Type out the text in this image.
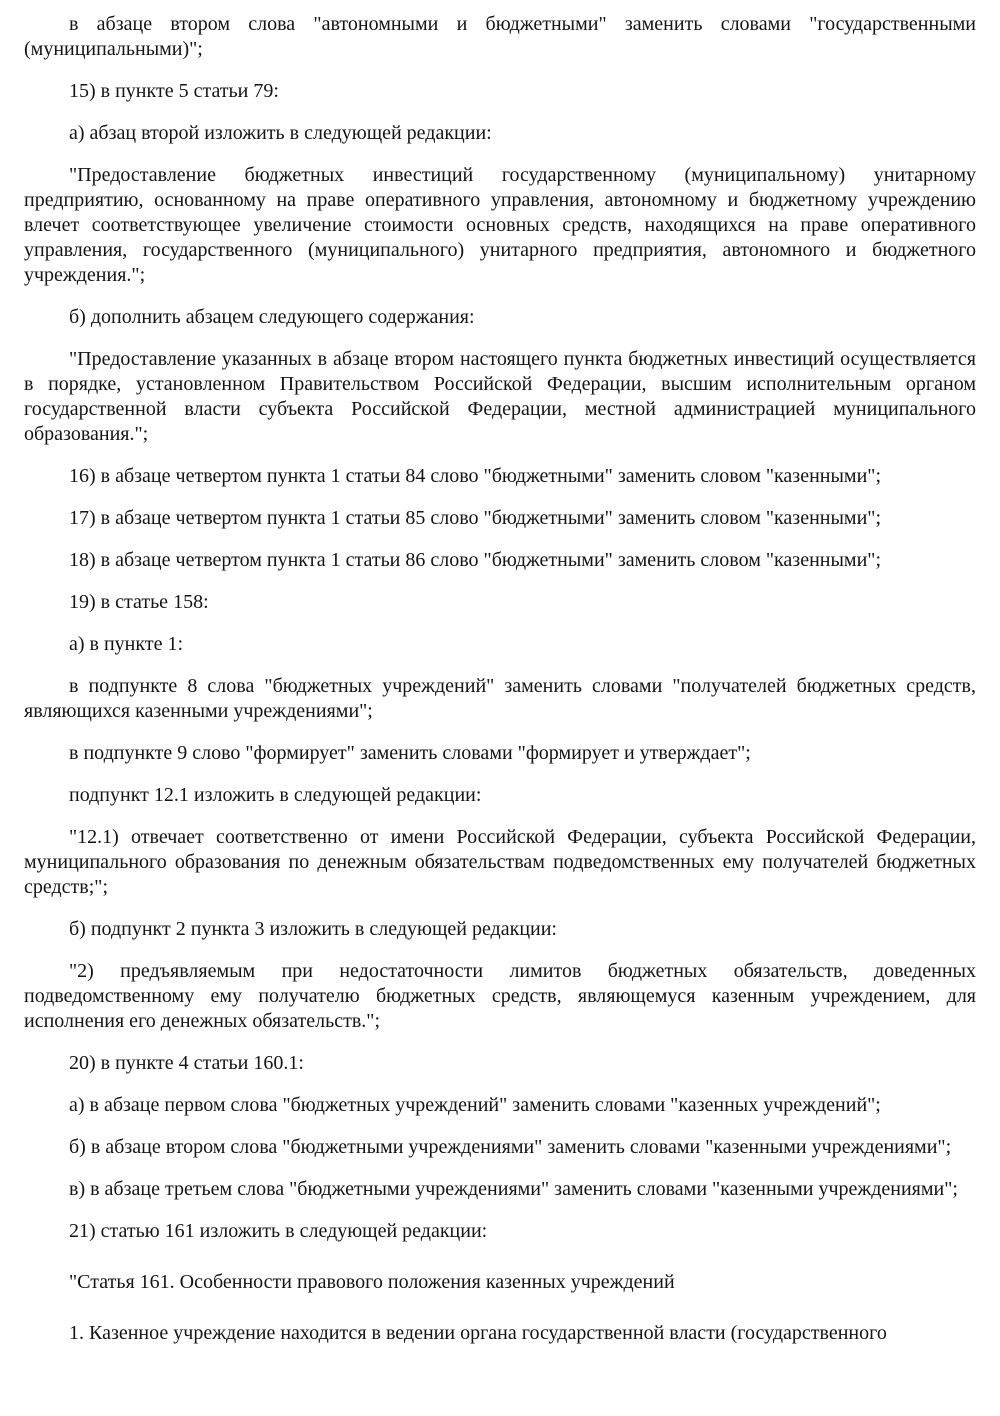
в абзаце втором слова "автономными и бюджетными" заменить словами "государственными (муниципальными)";

15) в пункте 5 статьи 79:

а) абзац второй изложить в следующей редакции:

"Предоставление бюджетных инвестиций государственному (муниципальному) унитарному предприятию, основанному на праве оперативного управления, автономному и бюджетному учреждению влечет соответствующее увеличение стоимости основных средств, находящихся на праве оперативного управления, государственного (муниципального) унитарного предприятия, автономного и бюджетного учреждения.";

б) дополнить абзацем следующего содержания:

"Предоставление указанных в абзаце втором настоящего пункта бюджетных инвестиций осуществляется в порядке, установленном Правительством Российской Федерации, высшим исполнительным органом государственной власти субъекта Российской Федерации, местной администрацией муниципального образования.";

16) в абзаце четвертом пункта 1 статьи 84 слово "бюджетными" заменить словом "казенными";

17) в абзаце четвертом пункта 1 статьи 85 слово "бюджетными" заменить словом "казенными";

18) в абзаце четвертом пункта 1 статьи 86 слово "бюджетными" заменить словом "казенными";

19) в статье 158:

а) в пункте 1:

в подпункте 8 слова "бюджетных учреждений" заменить словами "получателей бюджетных средств, являющихся казенными учреждениями";

в подпункте 9 слово "формирует" заменить словами "формирует и утверждает";

подпункт 12.1 изложить в следующей редакции:

"12.1) отвечает соответственно от имени Российской Федерации, субъекта Российской Федерации, муниципального образования по денежным обязательствам подведомственных ему получателей бюджетных средств;";

б) подпункт 2 пункта 3 изложить в следующей редакции:

"2) предъявляемым при недостаточности лимитов бюджетных обязательств, доведенных подведомственному ему получателю бюджетных средств, являющемуся казенным учреждением, для исполнения его денежных обязательств.";

20) в пункте 4 статьи 160.1:

а) в абзаце первом слова "бюджетных учреждений" заменить словами "казенных учреждений";

б) в абзаце втором слова "бюджетными учреждениями" заменить словами "казенными учреждениями";

в) в абзаце третьем слова "бюджетными учреждениями" заменить словами "казенными учреждениями";

21) статью 161 изложить в следующей редакции:

"Статья 161. Особенности правового положения казенных учреждений

1. Казенное учреждение находится в ведении органа государственной власти (государственного
